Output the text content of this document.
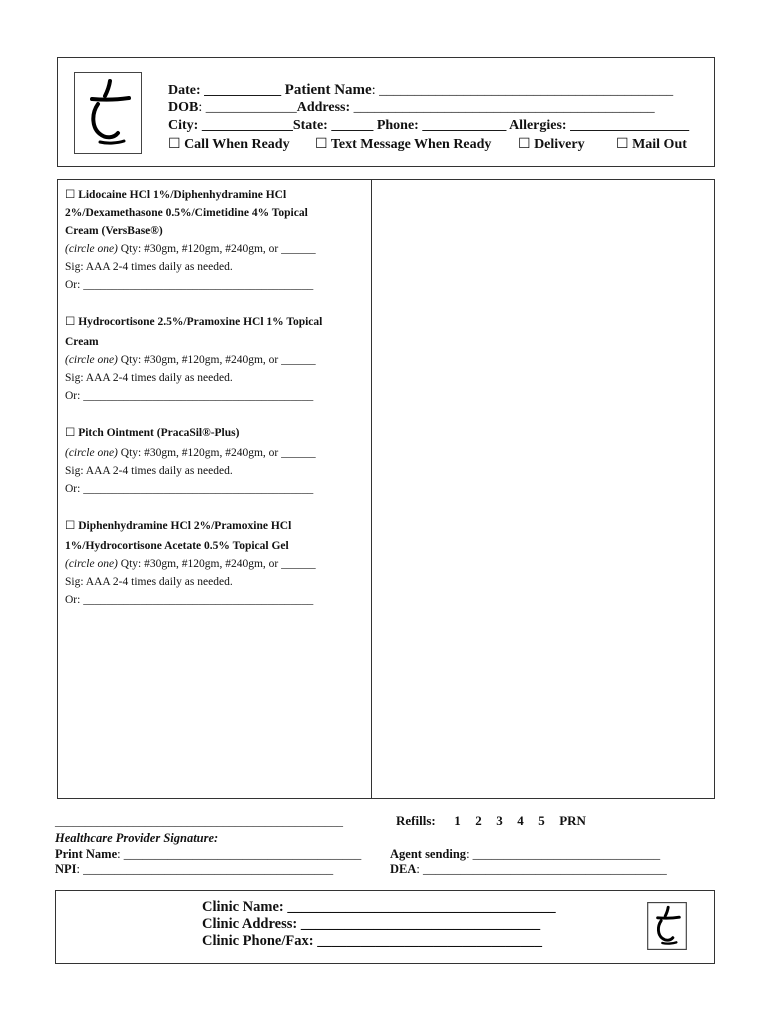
Date: ___________ Patient Name: __________________________________________
DOB: _____________Address: ___________________________________________
City: _____________State: ______ Phone: ____________ Allergies: _________________
☐ Call When Ready ☐ Text Message When Ready ☐ Delivery ☐ Mail Out
☐ Lidocaine HCl 1%/Diphenhydramine HCl
2%/Dexamethasone 0.5%/Cimetidine 4% Topical
Cream (VersBase®)
(circle one) Qty: #30gm, #120gm, #240gm, or ______
Sig: AAA 2-4 times daily as needed.
Or: ________________________________________
☐ Hydrocortisone 2.5%/Pramoxine HCl 1% Topical
Cream
(circle one) Qty: #30gm, #120gm, #240gm, or ______
Sig: AAA 2-4 times daily as needed.
Or: ________________________________________
☐ Pitch Ointment (PracaSil®-Plus)
(circle one) Qty: #30gm, #120gm, #240gm, or ______
Sig: AAA 2-4 times daily as needed.
Or: ________________________________________
☐ Diphenhydramine HCl 2%/Pramoxine HCl
1%/Hydrocortisone Acetate 0.5% Topical Gel
(circle one) Qty: #30gm, #120gm, #240gm, or ______
Sig: AAA 2-4 times daily as needed.
Or: ________________________________________
________________________________________________
Healthcare Provider Signature:
Print Name: ______________________________________
NPI: ________________________________________
Refills: 1 2 3 4 5 PRN
Agent sending: ______________________________
DEA: _______________________________________
Clinic Name: _____________________________________
Clinic Address: _________________________________
Clinic Phone/Fax: _______________________________
